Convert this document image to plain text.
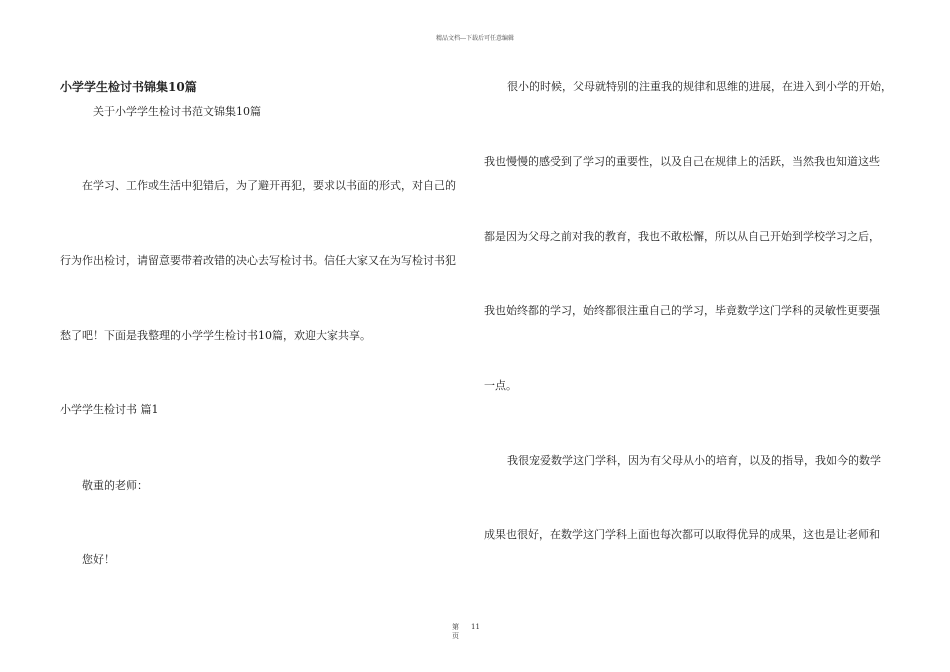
精品文档---下载后可任意编辑
小学学生检讨书锦集10篇
关于小学学生检讨书范文锦集10篇
在学习、工作或生活中犯错后，为了避开再犯，要求以书面的形式，对自己的
行为作出检讨，请留意要带着改错的决心去写检讨书。信任大家又在为写检讨书犯
愁了吧！下面是我整理的小学学生检讨书10篇，欢迎大家共享。
小学学生检讨书 篇1
敬重的老师：
您好！
很小的时候，父母就特别的注重我的规律和思维的进展，在进入到小学的开始，
我也慢慢的感受到了学习的重要性，以及自己在规律上的活跃，当然我也知道这些
都是因为父母之前对我的教育，我也不敢松懈，所以从自己开始到学校学习之后，
我也始终都的学习，始终都很注重自己的学习，毕竟数学这门学科的灵敏性更要强
一点。
我很宠爱数学这门学科，因为有父母从小的培育，以及的指导，我如今的数学
成果也很好，在数学这门学科上面也每次都可以取得优异的成果，这也是让老师和
第
页
11
